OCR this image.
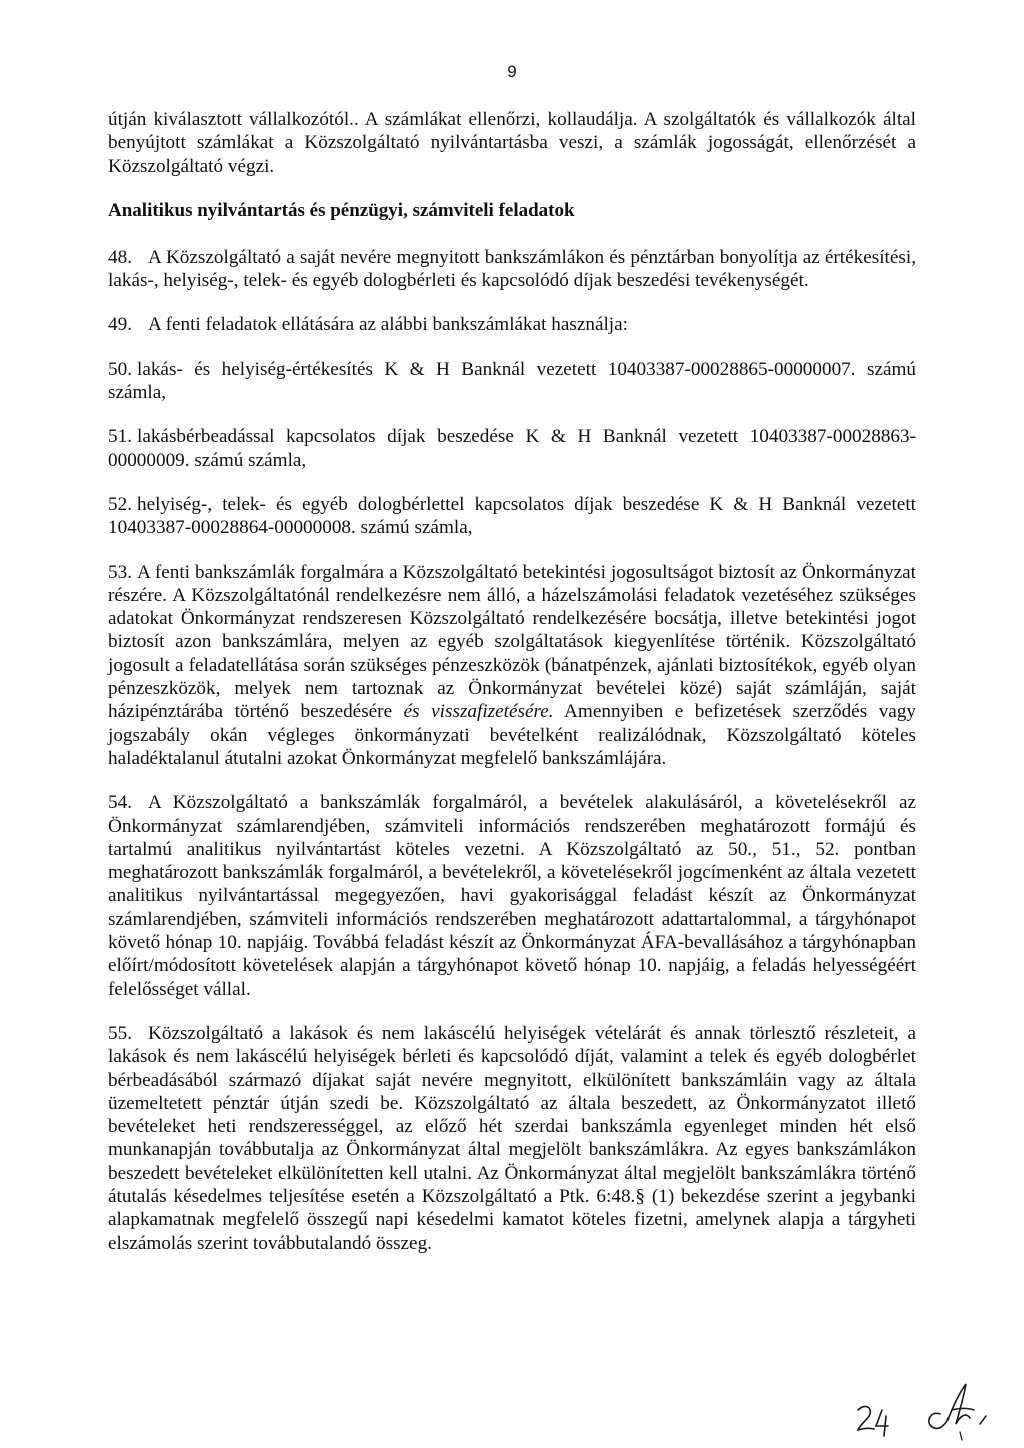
9

útján kiválasztott vállalkozótól.. A számlákat ellenőrzi, kollaudálja. A szolgáltatók és vállalkozók által benyújtott számlákat a Közszolgáltató nyilvántartásba veszi, a számlák jogosságát, ellenőrzését a Közszolgáltató végzi.

Analitikus nyilvántartás és pénzügyi, számviteli feladatok

48. A Közszolgáltató a saját nevére megnyitott bankszámlákon és pénztárban bonyolítja az értékesítési, lakás-, helyiség-, telek- és egyéb dologbérleti és kapcsolódó díjak beszedési tevékenységét.

49. A fenti feladatok ellátására az alábbi bankszámlákat használja:

50. lakás- és helyiség-értékesítés K & H Banknál vezetett 10403387-00028865-00000007. számú számla,

51. lakásbérbeadással kapcsolatos díjak beszedése K & H Banknál vezetett 10403387-00028863-00000009. számú számla,

52. helyiség-, telek- és egyéb dologbérlettel kapcsolatos díjak beszedése K & H Banknál vezetett 10403387-00028864-00000008. számú számla,

53. A fenti bankszámlák forgalmára a Közszolgáltató betekintési jogosultságot biztosít az Önkormányzat részére. A Közszolgáltatónál rendelkezésre nem álló, a házelszámolási feladatok vezetéséhez szükséges adatokat Önkormányzat rendszeresen Közszolgáltató rendelkezésére bocsátja, illetve betekintési jogot biztosít azon bankszámlára, melyen az egyéb szolgáltatások kiegyenlítése történik. Közszolgáltató jogosult a feladatellátása során szükséges pénzeszközök (bánatpénzek, ajánlati biztosítékok, egyéb olyan pénzeszközök, melyek nem tartoznak az Önkormányzat bevételei közé) saját számláján, saját házipénztárába történő beszedésére és visszafizetésére. Amennyiben e befizetések szerződés vagy jogszabály okán végleges önkormányzati bevételként realizálódnak, Közszolgáltató köteles haladéktalanul átutalni azokat Önkormányzat megfelelő bankszámlájára.

54. A Közszolgáltató a bankszámlák forgalmáról, a bevételek alakulásáról, a követelésekről az Önkormányzat számlarendjében, számviteli információs rendszerében meghatározott formájú és tartalmú analitikus nyilvántartást köteles vezetni. A Közszolgáltató az 50., 51., 52. pontban meghatározott bankszámlák forgalmáról, a bevételekről, a követelésekről jogcímenként az általa vezetett analitikus nyilvántartással megegyezően, havi gyakorisággal feladást készít az Önkormányzat számlarendjében, számviteli információs rendszerében meghatározott adattartalommal, a tárgyhónapot követő hónap 10. napjáig. Továbbá feladást készít az Önkormányzat ÁFA-bevallásához a tárgyhónapban előírt/módosított követelések alapján a tárgyhónapot követő hónap 10. napjáig, a feladás helyességéért felelősséget vállal.

55. Közszolgáltató a lakások és nem lakáscélú helyiségek vételárát és annak törlesztő részleteit, a lakások és nem lakáscélú helyiségek bérleti és kapcsolódó díját, valamint a telek és egyéb dologbérlet bérbeadásából származó díjakat saját nevére megnyitott, elkülönített bankszámláin vagy az általa üzemeltetett pénztár útján szedi be. Közszolgáltató az általa beszedett, az Önkormányzatot illető bevételeket heti rendszerességgel, az előző hét szerdai bankszámla egyenleget minden hét első munkanapján továbbutalja az Önkormányzat által megjelölt bankszámlákra. Az egyes bankszámlákon beszedett bevételeket elkülönítetten kell utalni. Az Önkormányzat által megjelölt bankszámlákra történő átutalás késedelmes teljesítése esetén a Közszolgáltató a Ptk. 6:48.§ (1) bekezdése szerint a jegybanki alapkamatnak megfelelő összegű napi késedelmi kamatot köteles fizetni, amelynek alapja a tárgyheti elszámolás szerint továbbutalandó összeg.
